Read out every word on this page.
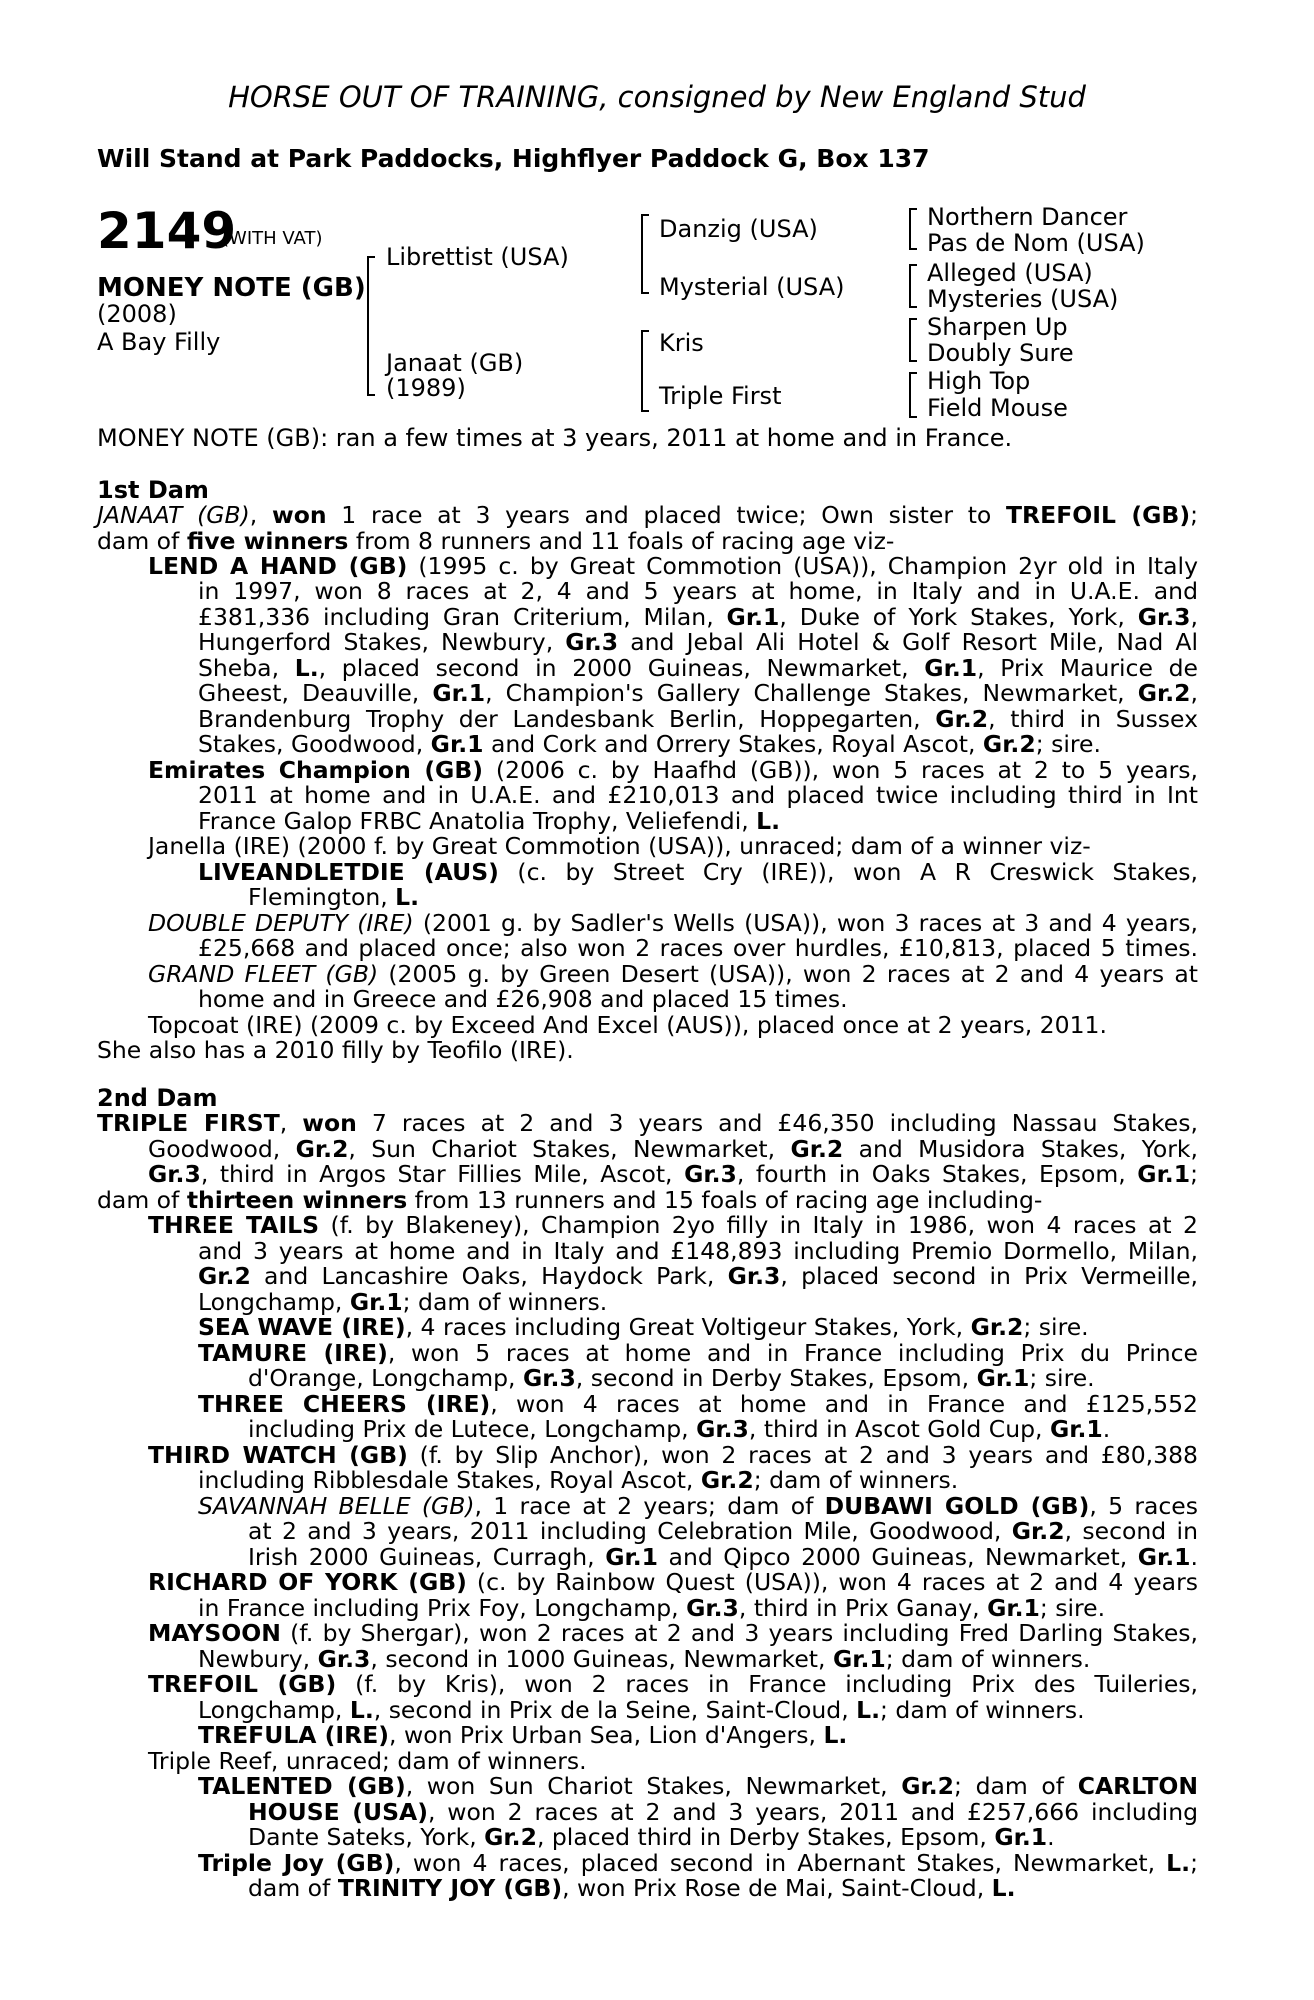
HORSE OUT OF TRAINING, consigned by New England Stud
Will Stand at Park Paddocks, Highflyer Paddock G, Box 137
2149
(WITH VAT)
MONEY NOTE (GB)
(2008)
A Bay Filly
Librettist (USA)
Janaat (GB)
(1989)
Danzig (USA)
Mysterial (USA)
Kris
Triple First
Northern Dancer
Pas de Nom (USA)
Alleged (USA)
Mysteries (USA)
Sharpen Up
Doubly Sure
High Top
Field Mouse
MONEY NOTE (GB): ran a few times at 3 years, 2011 at home and in France.
1st Dam
JANAAT (GB), won 1 race at 3 years and placed twice; Own sister to TREFOIL (GB);
dam of five winners from 8 runners and 11 foals of racing age viz-
LEND A HAND (GB) (1995 c. by Great Commotion (USA)), Champion 2yr old in Italy
in 1997, won 8 races at 2, 4 and 5 years at home, in Italy and in U.A.E. and
£381,336 including Gran Criterium, Milan, Gr.1, Duke of York Stakes, York, Gr.3,
Hungerford Stakes, Newbury, Gr.3 and Jebal Ali Hotel & Golf Resort Mile, Nad Al
Sheba, L., placed second in 2000 Guineas, Newmarket, Gr.1, Prix Maurice de
Gheest, Deauville, Gr.1, Champion's Gallery Challenge Stakes, Newmarket, Gr.2,
Brandenburg Trophy der Landesbank Berlin, Hoppegarten, Gr.2, third in Sussex
Stakes, Goodwood, Gr.1 and Cork and Orrery Stakes, Royal Ascot, Gr.2; sire.
Emirates Champion (GB) (2006 c. by Haafhd (GB)), won 5 races at 2 to 5 years,
2011 at home and in U.A.E. and £210,013 and placed twice including third in Int
France Galop FRBC Anatolia Trophy, Veliefendi, L.
Janella (IRE) (2000 f. by Great Commotion (USA)), unraced; dam of a winner viz-
LIVEANDLETDIE (AUS) (c. by Street Cry (IRE)), won A R Creswick Stakes,
Flemington, L.
DOUBLE DEPUTY (IRE) (2001 g. by Sadler's Wells (USA)), won 3 races at 3 and 4 years,
£25,668 and placed once; also won 2 races over hurdles, £10,813, placed 5 times.
GRAND FLEET (GB) (2005 g. by Green Desert (USA)), won 2 races at 2 and 4 years at
home and in Greece and £26,908 and placed 15 times.
Topcoat (IRE) (2009 c. by Exceed And Excel (AUS)), placed once at 2 years, 2011.
She also has a 2010 filly by Teofilo (IRE).
2nd Dam
TRIPLE FIRST, won 7 races at 2 and 3 years and £46,350 including Nassau Stakes,
Goodwood, Gr.2, Sun Chariot Stakes, Newmarket, Gr.2 and Musidora Stakes, York,
Gr.3, third in Argos Star Fillies Mile, Ascot, Gr.3, fourth in Oaks Stakes, Epsom, Gr.1;
dam of thirteen winners from 13 runners and 15 foals of racing age including-
THREE TAILS (f. by Blakeney), Champion 2yo filly in Italy in 1986, won 4 races at 2
and 3 years at home and in Italy and £148,893 including Premio Dormello, Milan,
Gr.2 and Lancashire Oaks, Haydock Park, Gr.3, placed second in Prix Vermeille,
Longchamp, Gr.1; dam of winners.
SEA WAVE (IRE), 4 races including Great Voltigeur Stakes, York, Gr.2; sire.
TAMURE (IRE), won 5 races at home and in France including Prix du Prince
d'Orange, Longchamp, Gr.3, second in Derby Stakes, Epsom, Gr.1; sire.
THREE CHEERS (IRE), won 4 races at home and in France and £125,552
including Prix de Lutece, Longchamp, Gr.3, third in Ascot Gold Cup, Gr.1.
THIRD WATCH (GB) (f. by Slip Anchor), won 2 races at 2 and 3 years and £80,388
including Ribblesdale Stakes, Royal Ascot, Gr.2; dam of winners.
SAVANNAH BELLE (GB), 1 race at 2 years; dam of DUBAWI GOLD (GB), 5 races
at 2 and 3 years, 2011 including Celebration Mile, Goodwood, Gr.2, second in
Irish 2000 Guineas, Curragh, Gr.1 and Qipco 2000 Guineas, Newmarket, Gr.1.
RICHARD OF YORK (GB) (c. by Rainbow Quest (USA)), won 4 races at 2 and 4 years
in France including Prix Foy, Longchamp, Gr.3, third in Prix Ganay, Gr.1; sire.
MAYSOON (f. by Shergar), won 2 races at 2 and 3 years including Fred Darling Stakes,
Newbury, Gr.3, second in 1000 Guineas, Newmarket, Gr.1; dam of winners.
TREFOIL (GB) (f. by Kris), won 2 races in France including Prix des Tuileries,
Longchamp, L., second in Prix de la Seine, Saint-Cloud, L.; dam of winners.
TREFULA (IRE), won Prix Urban Sea, Lion d'Angers, L.
Triple Reef, unraced; dam of winners.
TALENTED (GB), won Sun Chariot Stakes, Newmarket, Gr.2; dam of CARLTON
HOUSE (USA), won 2 races at 2 and 3 years, 2011 and £257,666 including
Dante Sateks, York, Gr.2, placed third in Derby Stakes, Epsom, Gr.1.
Triple Joy (GB), won 4 races, placed second in Abernant Stakes, Newmarket, L.;
dam of TRINITY JOY (GB), won Prix Rose de Mai, Saint-Cloud, L.
